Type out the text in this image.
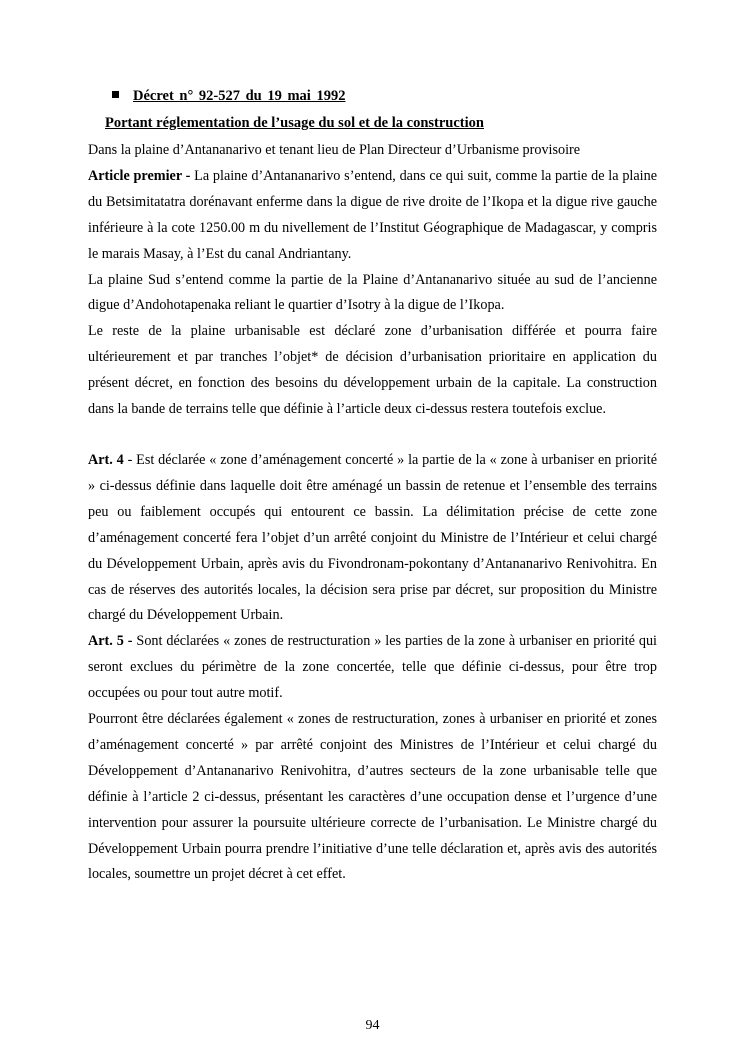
Décret n° 92-527 du 19 mai 1992
Portant réglementation de l’usage du sol et de la construction

Dans la plaine d’Antananarivo et tenant lieu de Plan Directeur d’Urbanisme provisoire

Article premier - La plaine d’Antananarivo s’entend, dans ce qui suit, comme la partie de la plaine du Betsimitatatra dorénavant enferme dans la digue de rive droite de l’Ikopa et la digue rive gauche inférieure à la cote 1250.00 m du nivellement de l’Institut Géographique de Madagascar, y compris le marais Masay, à l’Est du canal Andriantany.

La plaine Sud s’entend comme la partie de la Plaine d’Antananarivo située au sud de l’ancienne digue d’Andohotapenaka reliant le quartier d’Isotry à la digue de l’Ikopa.

Le reste de la plaine urbanisable est déclaré zone d’urbanisation différée et pourra faire ultérieurement et par tranches l’objet* de décision d’urbanisation prioritaire en application du présent décret, en fonction des besoins du développement urbain de la capitale. La construction dans la bande de terrains telle que définie à l’article deux ci-dessus restera toutefois exclue.

Art. 4 - Est déclarée « zone d’aménagement concerté » la partie de la « zone à urbaniser en priorité » ci-dessus définie dans laquelle doit être aménagé un bassin de retenue et l’ensemble des terrains peu ou faiblement occupés qui entourent ce bassin. La délimitation précise de cette zone d’aménagement concerté fera l’objet d’un arrêté conjoint du Ministre de l’Intérieur et celui chargé du Développement Urbain, après avis du Fivondronam-pokontany d’Antananarivo Renivohitra. En cas de réserves des autorités locales, la décision sera prise par décret, sur proposition du Ministre chargé du Développement Urbain.

Art. 5 - Sont déclarées « zones de restructuration » les parties de la zone à urbaniser en priorité qui seront exclues du périmètre de la zone concertée, telle que définie ci-dessus, pour être trop occupées ou pour tout autre motif.

Pourront être déclarées également « zones de restructuration, zones à urbaniser en priorité et zones d’aménagement concerté » par arrêté conjoint des Ministres de l’Intérieur et celui chargé du Développement d’Antananarivo Renivohitra, d’autres secteurs de la zone urbanisable telle que définie à l’article 2 ci-dessus, présentant les caractères d’une occupation dense et l’urgence d’une intervention pour assurer la poursuite ultérieure correcte de l’urbanisation. Le Ministre chargé du Développement Urbain pourra prendre l’initiative d’une telle déclaration et, après avis des autorités locales, soumettre un projet décret à cet effet.

94
